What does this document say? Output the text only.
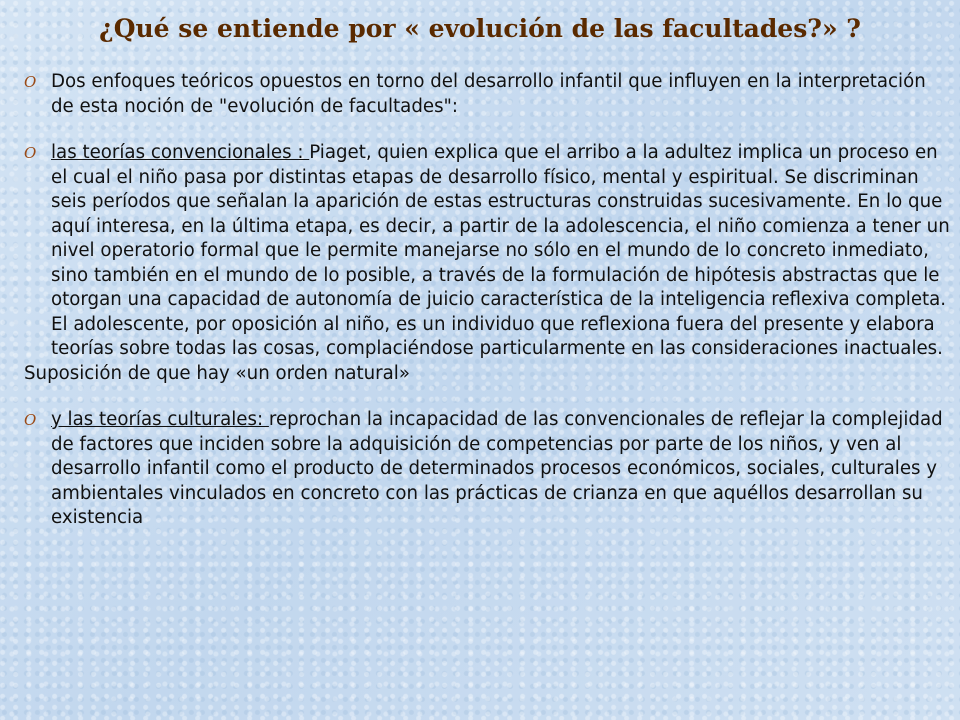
¿Qué se entiende por « evolución de las facultades?» ?
O Dos enfoques teóricos opuestos en torno del desarrollo infantil que influyen en la interpretación de esta noción de "evolución de facultades":
O las teorías convencionales : Piaget, quien explica que el arribo a la adultez implica un proceso en el cual el niño pasa por distintas etapas de desarrollo físico, mental y espiritual. Se discriminan seis períodos que señalan la aparición de estas estructuras construidas sucesivamente. En lo que aquí interesa, en la última etapa, es decir, a partir de la adolescencia, el niño comienza a tener un nivel operatorio formal que le permite manejarse no sólo en el mundo de lo concreto inmediato, sino también en el mundo de lo posible, a través de la formulación de hipótesis abstractas que le otorgan una capacidad de autonomía de juicio característica de la inteligencia reflexiva completa. El adolescente, por oposición al niño, es un individuo que reflexiona fuera del presente y elabora teorías sobre todas las cosas, complaciéndose particularmente en las consideraciones inactuales.
Suposición de que hay «un orden natural»
O y las teorías culturales: reprochan la incapacidad de las convencionales de reflejar la complejidad de factores que inciden sobre la adquisición de competencias por parte de los niños, y ven al desarrollo infantil como el producto de determinados procesos económicos, sociales, culturales y ambientales vinculados en concreto con las prácticas de crianza en que aquéllos desarrollan su existencia
